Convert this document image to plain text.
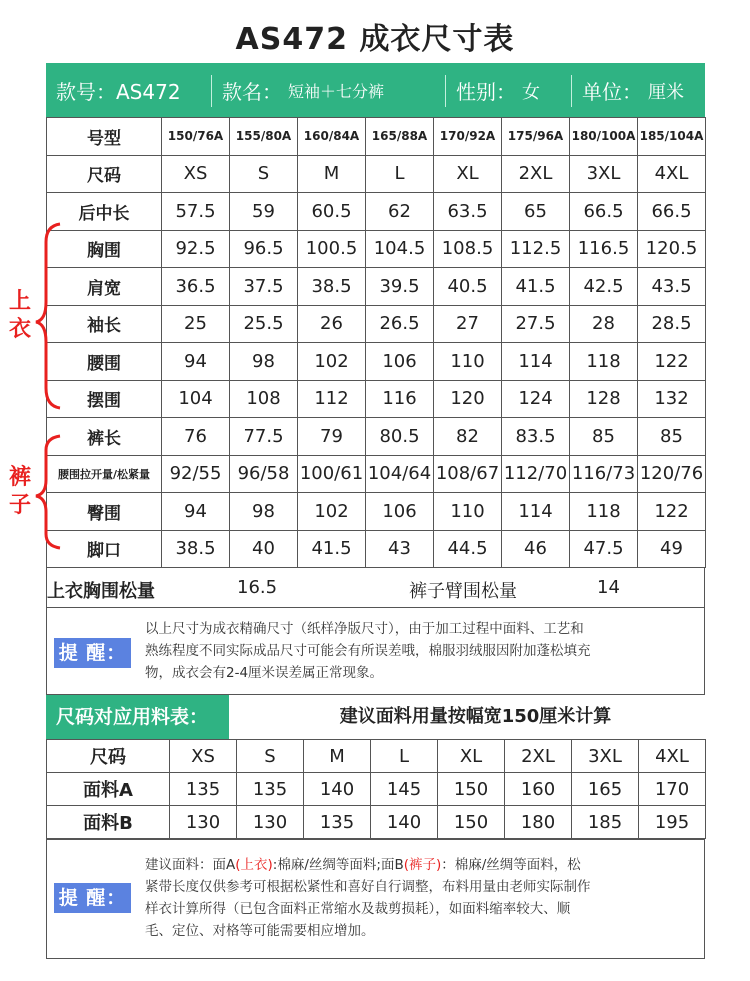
AS472 成衣尺寸表
款号：AS472	款名： 短袖＋七分裤	性别： 女 单位： 厘米
号型	150/76A	155/80A	160/84A	165/88A	170/92A	175/96A	180/100A	185/104A
尺码	XS	S	M	L	XL	2XL	3XL	4XL
后中长	57.5	59	60.5	62	63.5	65	66.5	66.5
胸围	92.5	96.5	100.5	104.5	108.5	112.5	116.5	120.5
肩宽	36.5	37.5	38.5	39.5	40.5	41.5	42.5	43.5
袖长	25	25.5	26	26.5	27	27.5	28	28.5
腰围	94	98	102	106	110	114	118	122
摆围	104	108	112	116	120	124	128	132
裤长	76	77.5	79	80.5	82	83.5	85	85
腰围拉开量/松紧量	92/55	96/58	100/61	104/64	108/67	112/70	116/73	120/76
臀围	94	98	102	106	110	114	118	122
脚口	38.5	40	41.5	43	44.5	46	47.5	49
上
衣
裤
子
上衣胸围松量	16.5	裤子臂围松量	14
提 醒：
以上尺寸为成衣精确尺寸（纸样净版尺寸），由于加工过程中面料、工艺和
熟练程度不同实际成品尺寸可能会有所误差哦，棉服羽绒服因附加蓬松填充
物，成衣会有2-4厘米误差属正常现象。
尺码对应用料表：	建议面料用量按幅宽150厘米计算
尺码	XS	S	M	L	XL	2XL	3XL	4XL
面料A	135	135	140	145	150	160	165	170
面料B	130	130	135	140	150	180	185	195
提 醒：
建议面料：面A(上衣):棉麻/丝绸等面料;面B(裤子)：棉麻/丝绸等面料，松
紧带长度仅供参考可根据松紧性和喜好自行调整，布料用量由老师实际制作
样衣计算所得（已包含面料正常缩水及裁剪损耗），如面料缩率较大、顺
毛、定位、对格等可能需要相应增加。
